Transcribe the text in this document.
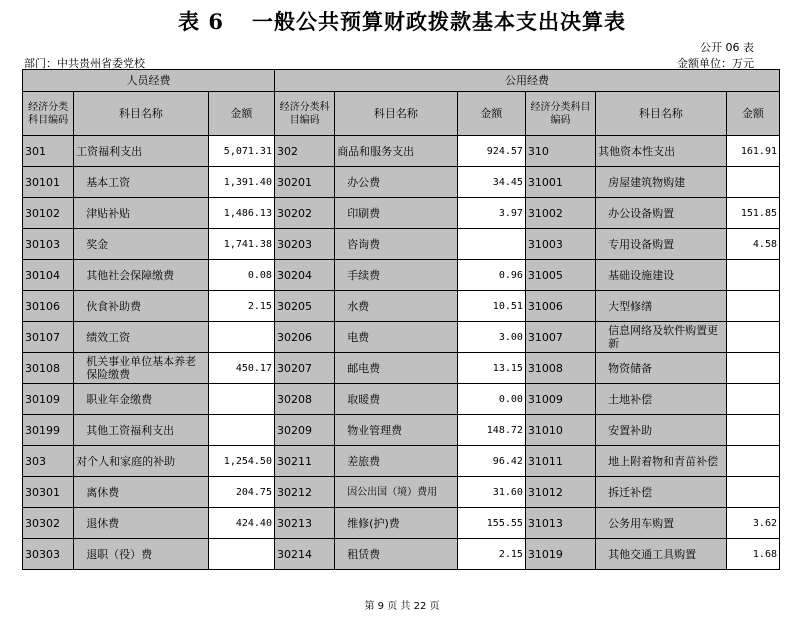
表 6 一般公共预算财政拨款基本支出决算表
公开 06 表
部门：中共贵州省委党校	金额单位：万元
人员经费			公用经费					
经济分类科目编码	科目名称	金额	经济分类科目编码	科目名称	金额	经济分类科目编码	科目名称	金额
301	工资福利支出	5,071.31	302	商品和服务支出	924.57	310	其他资本性支出	161.91
30101	基本工资	1,391.40	30201	办公费	34.45	31001	房屋建筑物购建	
30102	津贴补贴	1,486.13	30202	印刷费	3.97	31002	办公设备购置	151.85
30103	奖金	1,741.38	30203	咨询费		31003	专用设备购置	4.58
30104	其他社会保障缴费	0.08	30204	手续费	0.96	31005	基础设施建设	
30106	伙食补助费	2.15	30205	水费	10.51	31006	大型修缮	
30107	绩效工资		30206	电费	3.00	31007	信息网络及软件购置更新	
30108	机关事业单位基本养老保险缴费	450.17	30207	邮电费	13.15	31008	物资储备	
30109	职业年金缴费		30208	取暖费	0.00	31009	土地补偿	
30199	其他工资福利支出		30209	物业管理费	148.72	31010	安置补助	
303	对个人和家庭的补助	1,254.50	30211	差旅费	96.42	31011	地上附着物和青苗补偿	
30301	离休费	204.75	30212	因公出国（境）费用	31.60	31012	拆迁补偿	
30302	退休费	424.40	30213	维修(护)费	155.55	31013	公务用车购置	3.62
30303	退职（役）费		30214	租赁费	2.15	31019	其他交通工具购置	1.68
第 9 页 共 22 页
